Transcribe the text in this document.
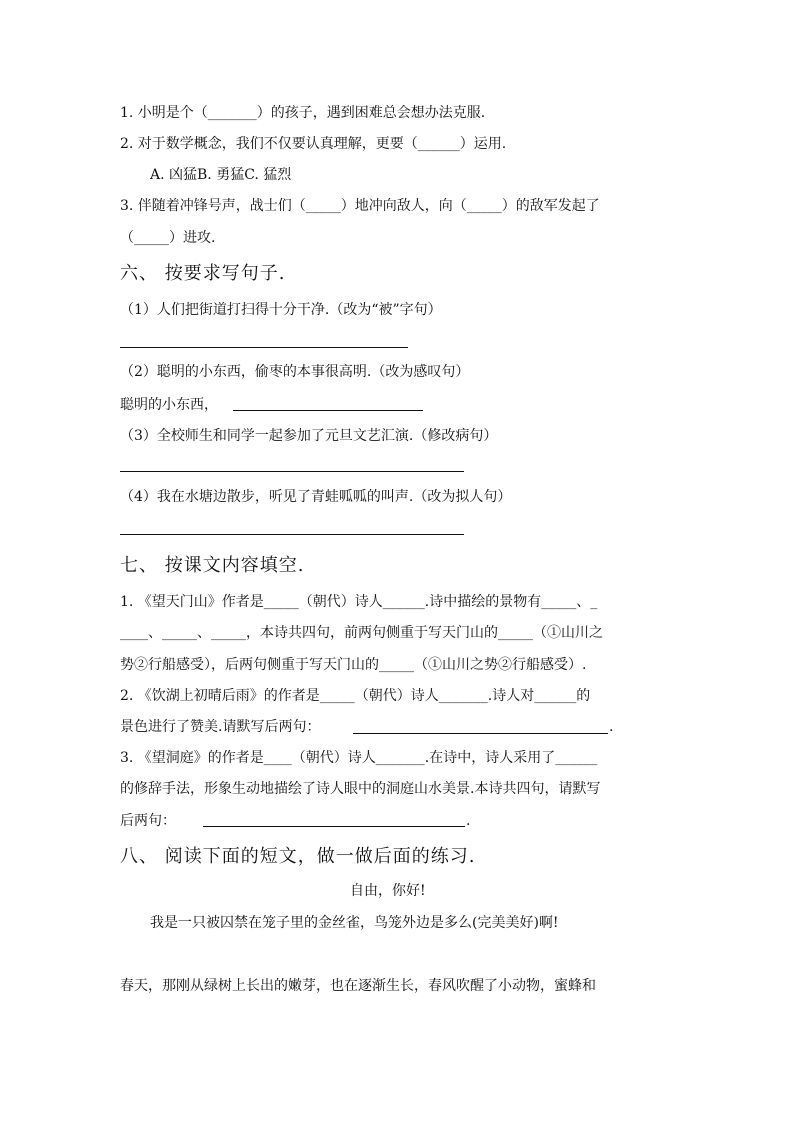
1. 小明是个（_______）的孩子，遇到困难总会想办法克服.
2. 对于数学概念，我们不仅要认真理解，更要（______）运用.
A. 凶猛B. 勇猛C. 猛烈
3. 伴随着冲锋号声，战士们（_____）地冲向敌人，向（_____）的敌军发起了
（_____）进攻.
六、 按要求写句子.
（1）人们把街道打扫得十分干净.（改为“被”字句）
（2）聪明的小东西，偷枣的本事很高明.（改为感叹句）
聪明的小东西，
（3）全校师生和同学一起参加了元旦文艺汇演.（修改病句）
（4）我在水塘边散步，听见了青蛙呱呱的叫声.（改为拟人句）
七、 按课文内容填空.
1. 《望天门山》作者是_____（朝代）诗人______.诗中描绘的景物有_____、_
____、_____、_____，本诗共四句，前两句侧重于写天门山的_____（①山川之
势②行船感受），后两句侧重于写天门山的_____（①山川之势②行船感受）.
2. 《饮湖上初晴后雨》的作者是_____（朝代）诗人_______.诗人对______的
景色进行了赞美.请默写后两句：	.
3. 《望洞庭》的作者是____（朝代）诗人_______.在诗中，诗人采用了______
的修辞手法，形象生动地描绘了诗人眼中的洞庭山水美景.本诗共四句，请默写
后两句：	.
八、 阅读下面的短文，做一做后面的练习.
自由，你好!
我是一只被囚禁在笼子里的金丝雀，鸟笼外边是多么(完美美好)啊!
春天，那刚从绿树上长出的嫩芽，也在逐渐生长，春风吹醒了小动物，蜜蜂和
